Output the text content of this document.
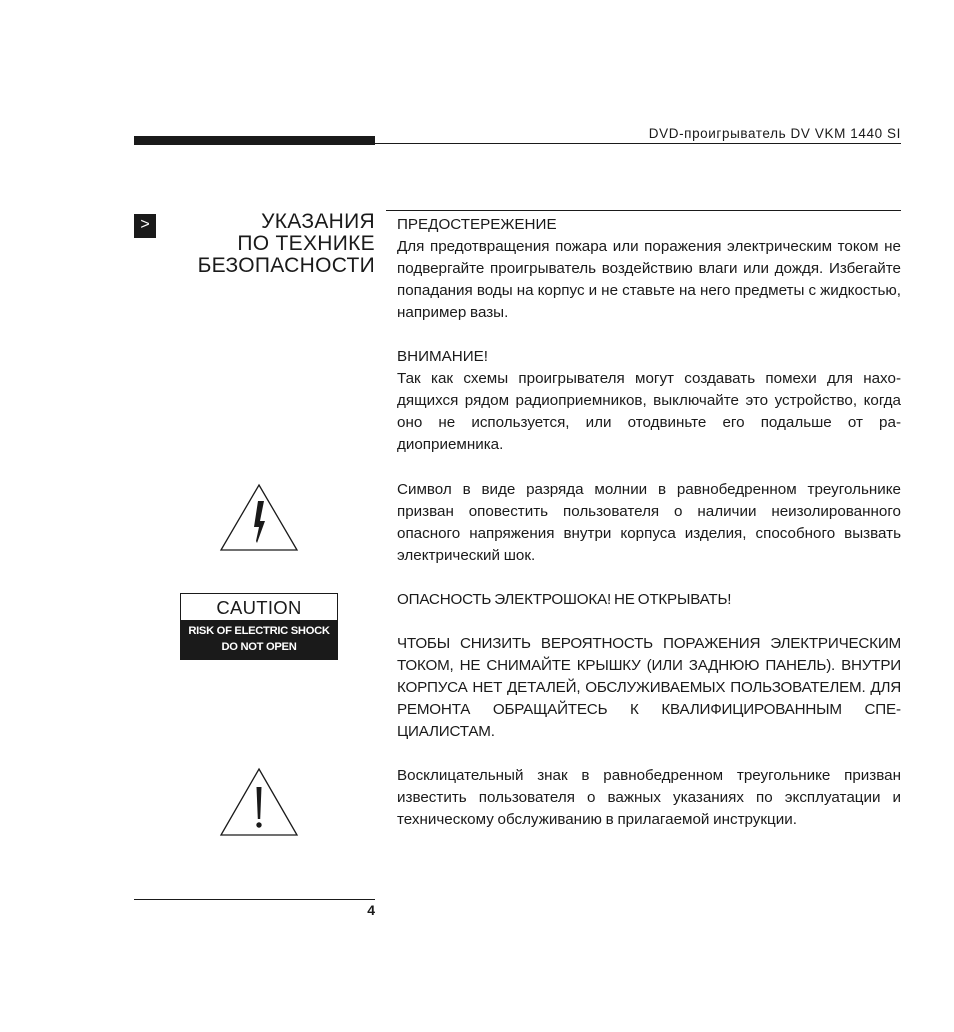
DVD-проигрыватель DV VKM 1440 SI
>	УКАЗАНИЯ
ПО ТЕХНИКЕ
БЕЗОПАСНОСТИ

ПРЕДОСТЕРЕЖЕНИЕ

Для предотвращения пожара или поражения электрическим током не подвергайте проигрыватель воздействию влаги или дождя. Избегайте попадания воды на корпус и не ставьте на него предметы с жидкостью, например вазы.

ВНИМАНИЕ!

Так как схемы проигрывателя могут создавать помехи для находящихся рядом радиоприемников, выключайте это устройство, когда оно не используется, или отодвиньте его подальше от радиоприемника.

Символ в виде разряда молнии в равнобедренном треугольнике призван оповестить пользователя о наличии неизолированного опасного напряжения внутри корпуса изделия, способного вызвать электрический шок.

CAUTION
RISK OF ELECTRIC SHOCK
DO NOT OPEN

ОПАСНОСТЬ ЭЛЕКТРОШОКА! НЕ ОТКРЫВАТЬ!

ЧТОБЫ СНИЗИТЬ ВЕРОЯТНОСТЬ ПОРАЖЕНИЯ ЭЛЕКТРИЧЕСКИМ ТОКОМ, НЕ СНИМАЙТЕ КРЫШКУ (ИЛИ ЗАДНЮЮ ПАНЕЛЬ). ВНУТРИ КОРПУСА НЕТ ДЕТАЛЕЙ, ОБСЛУЖИВАЕМЫХ ПОЛЬЗОВАТЕЛЕМ. ДЛЯ РЕМОНТА ОБРАЩАЙТЕСЬ К КВАЛИФИЦИРОВАННЫМ СПЕЦИАЛИСТАМ.

Восклицательный знак в равнобедренном треугольнике призван известить пользователя о важных указаниях по эксплуатации и техническому обслуживанию в прилагаемой инструкции.

4
